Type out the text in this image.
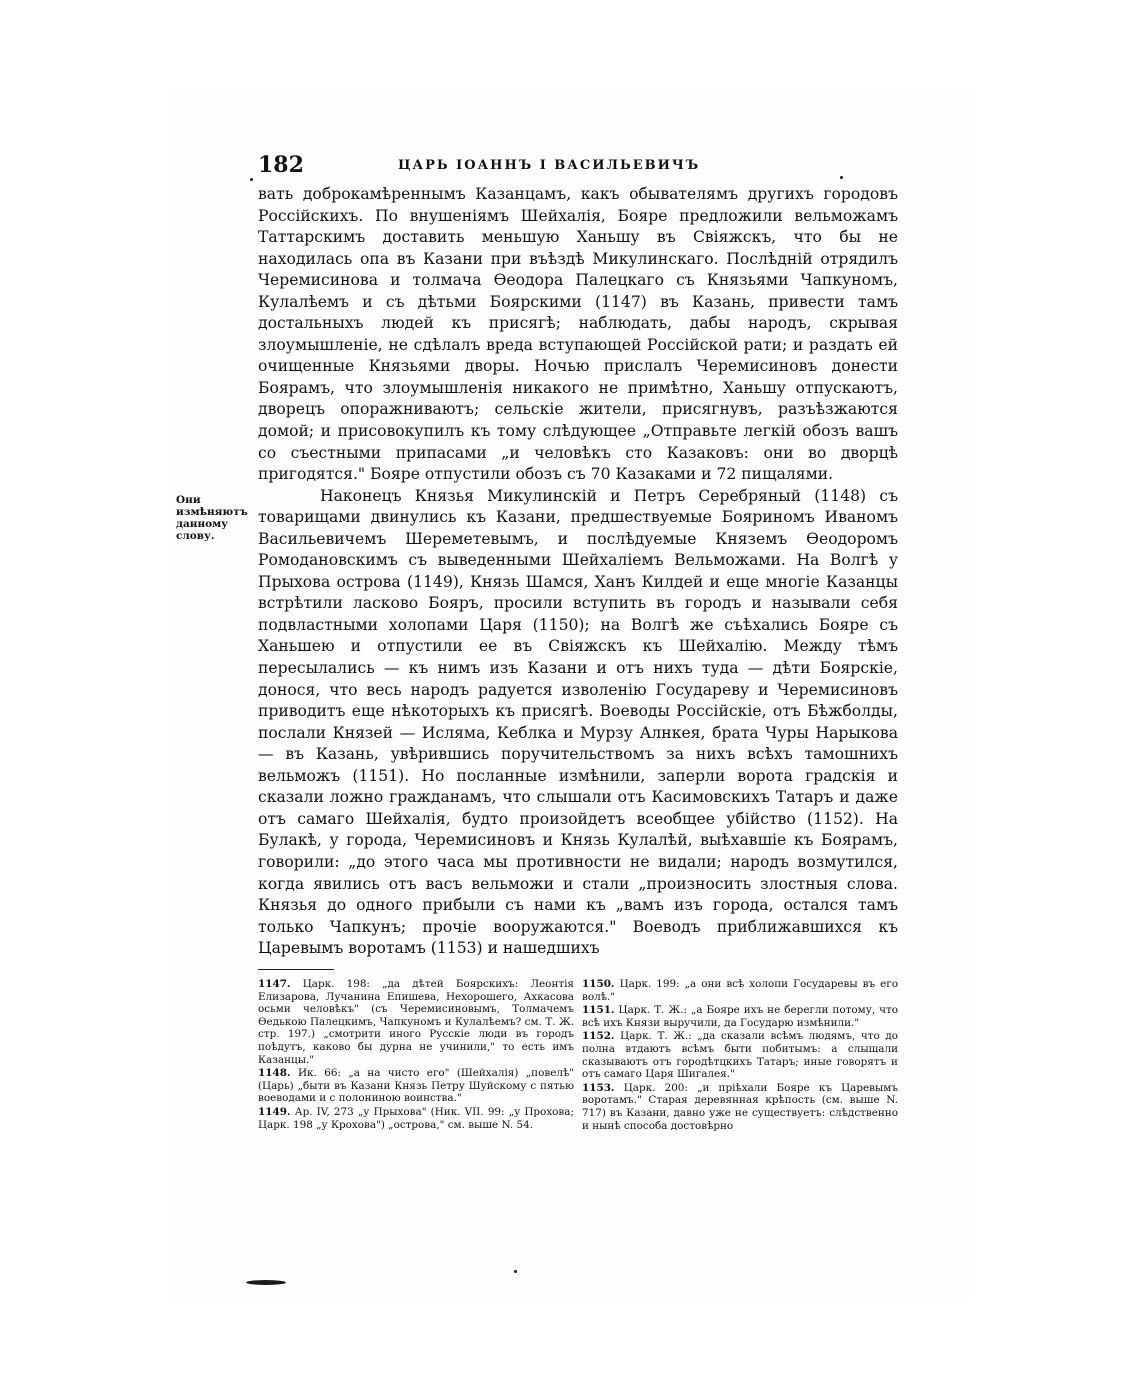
182	ЦАРЬ ІОАННЪ І ВАСИЛЬЕВИЧЪ
Они измѣняютъ данному слову.

вать доброкамѣреннымъ Казанцамъ, какъ обывателямъ другихъ городовъ Россійскихъ. По внушеніямъ Шейхалія, Бояре предложили вельможамъ Таттарскимъ доставить меньшую Ханьшу въ Свіяжскъ, что бы не находилась опа въ Казани при въѣздѣ Микулинскаго. Послѣдній отрядилъ Черемисинова и толмача Ѳеодора Палецкаго съ Князьями Чапкуномъ, Кулалѣемъ и съ дѣтьми Боярскими (1147) въ Казань, привести тамъ достальныхъ людей къ присягѣ; наблюдать, дабы народъ, скрывая злоумышленіе, не сдѣлалъ вреда вступающей Россійской рати; и раздать ей очищенные Князьями дворы. Ночью прислалъ Черемисиновъ донести Боярамъ, что злоумышленія никакого не примѣтно, Ханьшу отпускаютъ, дворецъ опоражниваютъ; сельскіе жители, присягнувъ, разъѣзжаются домой; и присовокупилъ къ тому слѣдующее „Отправьте легкій обозъ вашъ со съестными припасами „и человѣкъ сто Казаковъ: они во дворцѣ пригодятся." Бояре отпустили обозъ съ 70 Казаками и 72 пищалями.

Наконецъ Князья Микулинскій и Петръ Серебряный (1148) съ товарищами двинулись къ Казани, предшествуемые Бояриномъ Иваномъ Васильевичемъ Шереметевымъ, и послѣдуемые Княземъ Ѳеодоромъ Ромодановскимъ съ выведенными Шейхаліемъ Вельможами. На Волгѣ у Прыхова острова (1149), Князь Шамся, Ханъ Килдей и еще многіе Казанцы встрѣтили ласково Бояръ, просили вступить въ городъ и называли себя подвластными холопами Царя (1150); на Волгѣ же съѣхались Бояре съ Ханьшею и отпустили ее въ Свіяжскъ къ Шейхалію. Между тѣмъ пересылались — къ нимъ изъ Казани и отъ нихъ туда — дѣти Боярскіе, донося, что весь народъ радуется изволенію Государеву и Черемисиновъ приводитъ еще нѣкоторыхъ къ присягѣ. Воеводы Россійскіе, отъ Бѣжболды, послали Князей — Исляма, Кеблка и Мурзу Алнкея, брата Чуры Нарыкова — въ Казань, увѣрившись поручительствомъ за нихъ всѣхъ тамошнихъ вельможъ (1151). Но посланные измѣнили, заперли ворота градскія и сказали ложно гражданамъ, что слышали отъ Касимовскихъ Татаръ и даже отъ самаго Шейхалія, будто произойдетъ всеобщее убійство (1152). На Булакѣ, у города, Черемисиновъ и Князь Кулалѣй, выѣхавшіе къ Боярамъ, говорили: „до этого часа мы противности не видали; народъ возмутился, когда явились отъ васъ вельможи и стали „произносить злостныя слова. Князья до одного прибыли съ нами къ „вамъ изъ города, остался тамъ только Чапкунъ; прочіе вооружаются." Воеводъ приближавшихся къ Царевымъ воротамъ (1153) и нашедшихъ

1147. Царк. 198: „да дѣтей Боярскихъ: Леонтія Елизарова, Лучанина Епишева, Нехорошего, Ахкасова осьми человѣкъ" (съ Черемисиновымъ, Толмачемъ Ѳедькою Палецкимъ, Чапкуномъ и Кулалѣемъ? см. Т. Ж. стр. 197.) „смотрити иного Русскіе люди въ городъ поѣдутъ, каково бы дурна не учинили," то есть имъ Казанцы."

1148. Ик. 66: „а на чисто его" (Шейхалія) „повелѣ" (Царь) „быти въ Казани Князь Петру Шуйскому с пятью воеводами и с полониною воинства."

1149. Ар. IV, 273 „у Прыхова" (Ник. VII. 99: „у Прохова; Царк. 198 „у Крохова") „острова," см. выше N. 54.

1150. Царк. 199: „а они всѣ холопи Государевы въ его волѣ."

1151. Царк. Т. Ж.: „а Бояре ихъ не берегли потому, что всѣ ихъ Князи выручили, да Государю измѣнили."

1152. Царк. Т. Ж.: „да сказали всѣмъ людямъ, что до полна втдаютъ всѣмъ быти побитымъ: а слышали сказываютъ отъ городѣтцкихъ Татаръ; иные говорятъ и отъ самаго Царя Шигалея."

1153. Царк. 200: „и пріѣхали Бояре къ Царевымъ воротамъ." Старая деревянная крѣпость (см. выше N. 717) въ Казани, давно уже не существуетъ: слѣдственно и нынѣ способа достовѣрно
